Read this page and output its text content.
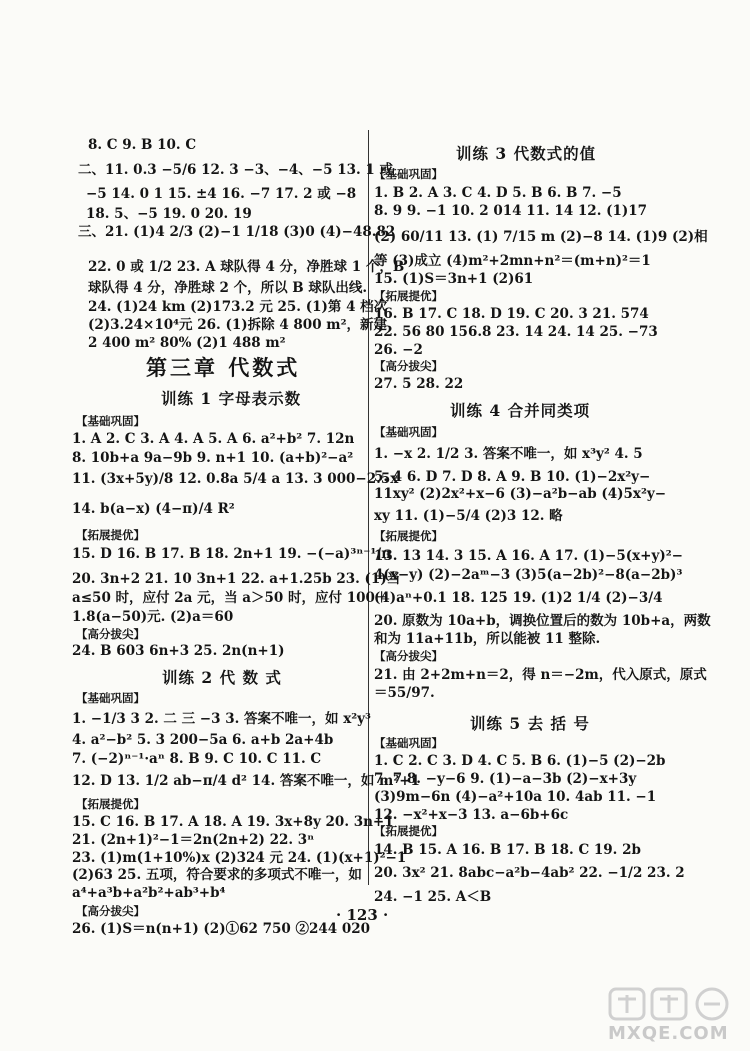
8. C 9. B 10. C
二、11. 0.3 −5/6 12. 3 −3、−4、−5 13. 1 或
−5 14. 0 1 15. ±4 16. −7 17. 2 或 −8
18. 5、−5 19. 0 20. 19
三、21. (1)4 2/3 (2)−1 1/18 (3)0 (4)−48.82
22. 0 或 1/2 23. A 球队得 4 分，净胜球 1 个，B
球队得 4 分，净胜球 2 个，所以 B 球队出线.
24. (1)24 km (2)173.2 元 25. (1)第 4 档次
(2)3.24×10⁴元 26. (1)拆除 4 800 m²，新建
2 400 m² 80% (2)1 488 m²
第三章 代数式
训练 1 字母表示数
【基础巩固】
1. A 2. C 3. A 4. A 5. A 6. a²+b² 7. 12n
8. 10b+a 9a−9b 9. n+1 10. (a+b)²−a²
11. (3x+5y)/8 12. 0.8a 5/4 a 13. 3 000−2.5x
14. b(a−x) (4−π)/4 R²
【拓展提优】
15. D 16. B 17. B 18. 2n+1 19. −(−a)³ⁿ⁻¹/n
20. 3n+2 21. 10 3n+1 22. a+1.25b 23. (1)当
a≤50 时，应付 2a 元，当 a＞50 时，应付 100＋
1.8(a−50)元. (2)a＝60
【高分拔尖】
24. B 603 6n+3 25. 2n(n+1)
训练 2 代 数 式
【基础巩固】
1. −1/3 3 2. 二 三 −3 3. 答案不唯一，如 x²y³
4. a²−b² 5. 3 200−5a 6. a+b 2a+4b
7. (−2)ⁿ⁻¹·aⁿ 8. B 9. C 10. C 11. C
12. D 13. 1/2 ab−π/4 d² 14. 答案不唯一，如 m²+1
【拓展提优】
15. C 16. B 17. A 18. A 19. 3x+8y 20. 3n+1
21. (2n+1)²−1＝2n(2n+2) 22. 3ⁿ
23. (1)m(1+10%)x (2)324 元 24. (1)(x+1)²−1
(2)63 25. 五项，符合要求的多项式不唯一，如
a⁴+a³b+a²b²+ab³+b⁴
【高分拔尖】
26. (1)S＝n(n+1) (2)①62 750 ②244 020
训练 3 代数式的值
【基础巩固】
1. B 2. A 3. C 4. D 5. B 6. B 7. −5
8. 9 9. −1 10. 2 014 11. 14 12. (1)17
(2) 60/11 13. (1) 7/15 m (2)−8 14. (1)9 (2)相
等 (3)成立 (4)m²+2mn+n²＝(m+n)²＝1
15. (1)S＝3n+1 (2)61
【拓展提优】
16. B 17. C 18. D 19. C 20. 3 21. 574
22. 56 80 156.8 23. 14 24. 14 25. −73
26. −2
【高分拔尖】
27. 5 28. 22
训练 4 合并同类项
【基础巩固】
1. −x 2. 1/2 3. 答案不唯一，如 x³y² 4. 5
5. 4 6. D 7. D 8. A 9. B 10. (1)−2x²y−
11xy² (2)2x²+x−6 (3)−a²b−ab (4)5x²y−
xy 11. (1)−5/4 (2)3 12. 略
【拓展提优】
13. 13 14. 3 15. A 16. A 17. (1)−5(x+y)²−
4(x−y) (2)−2aᵐ−3 (3)5(a−2b)²−8(a−2b)³
(4)aⁿ+0.1 18. 125 19. (1)2 1/4 (2)−3/4
20. 原数为 10a+b，调换位置后的数为 10b+a，两数
和为 11a+11b，所以能被 11 整除.
【高分拔尖】
21. 由 2+2m+n＝2，得 n＝−2m，代入原式，原式
＝55/97.
训练 5 去 括 号
【基础巩固】
1. C 2. C 3. D 4. C 5. B 6. (1)−5 (2)−2b
7. 7 8. −y−6 9. (1)−a−3b (2)−x+3y
(3)9m−6n (4)−a²+10a 10. 4ab 11. −1
12. −x²+x−3 13. a−6b+6c
【拓展提优】
14. B 15. A 16. B 17. B 18. C 19. 2b
20. 3x² 21. 8abc−a²b−4ab² 22. −1/2 23. 2
24. −1 25. A＜B
· 123 ·
MXQE.COM
